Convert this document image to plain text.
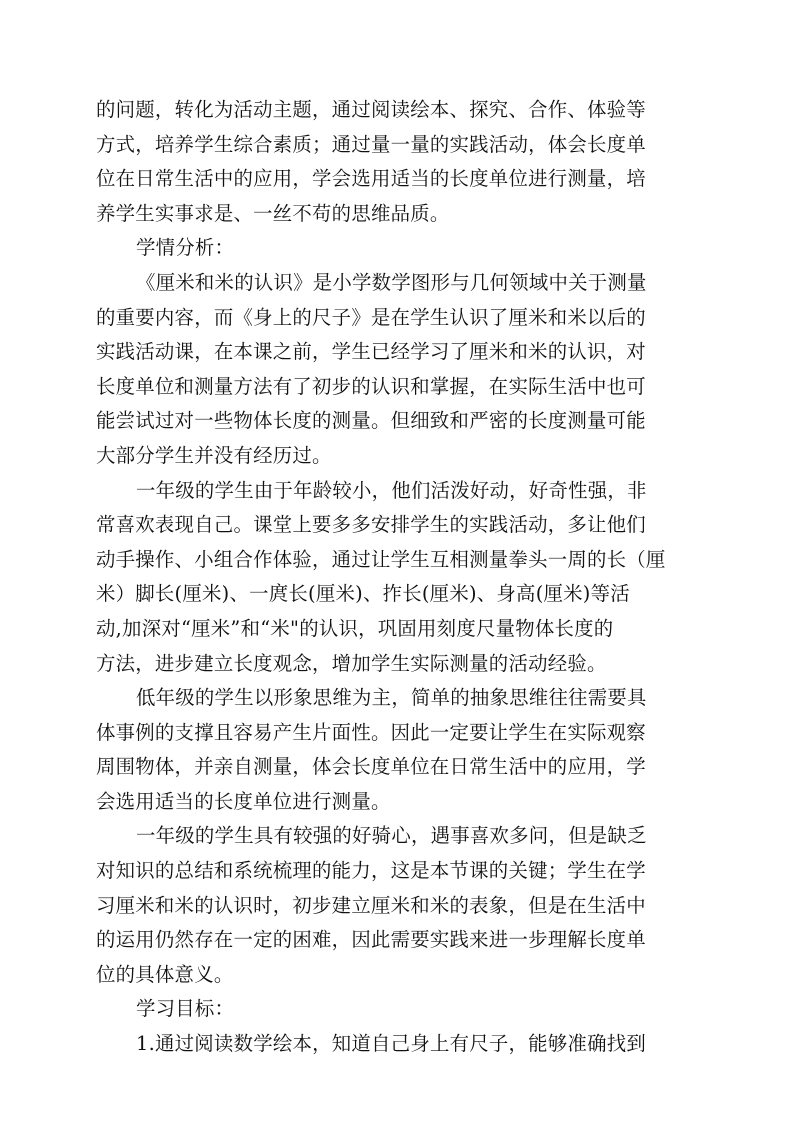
的问题，转化为活动主题，通过阅读绘本、探究、合作、体验等
方式，培养学生综合素质；通过量一量的实践活动，体会长度单
位在日常生活中的应用，学会选用适当的长度单位进行测量，培
养学生实事求是、一丝不苟的思维品质。
学情分析：
《厘米和米的认识》是小学数学图形与几何领域中关于测量
的重要内容，而《身上的尺子》是在学生认识了厘米和米以后的
实践活动课，在本课之前，学生已经学习了厘米和米的认识，对
长度单位和测量方法有了初步的认识和掌握，在实际生活中也可
能尝试过对一些物体长度的测量。但细致和严密的长度测量可能
大部分学生并没有经历过。
一年级的学生由于年龄较小，他们活泼好动，好奇性强，非
常喜欢表现自己。课堂上要多多安排学生的实践活动，多让他们
动手操作、小组合作体验，通过让学生互相测量拳头一周的长（厘
米）脚长(厘米)、一庹长(厘米)、拃长(厘米)、身高(厘米)等活
动,加深对“厘米”和“米"的认识，巩固用刻度尺量物体长度的
方法，进步建立长度观念，增加学生实际测量的活动经验。
低年级的学生以形象思维为主，简单的抽象思维往往需要具
体事例的支撑且容易产生片面性。因此一定要让学生在实际观察
周围物体，并亲自测量，体会长度单位在日常生活中的应用，学
会选用适当的长度单位进行测量。
一年级的学生具有较强的好骑心，遇事喜欢多问，但是缺乏
对知识的总结和系统梳理的能力，这是本节课的关键；学生在学
习厘米和米的认识时，初步建立厘米和米的表象，但是在生活中
的运用仍然存在一定的困难，因此需要实践来进一步理解长度单
位的具体意义。
学习目标：
1.通过阅读数学绘本，知道自己身上有尺子，能够准确找到
